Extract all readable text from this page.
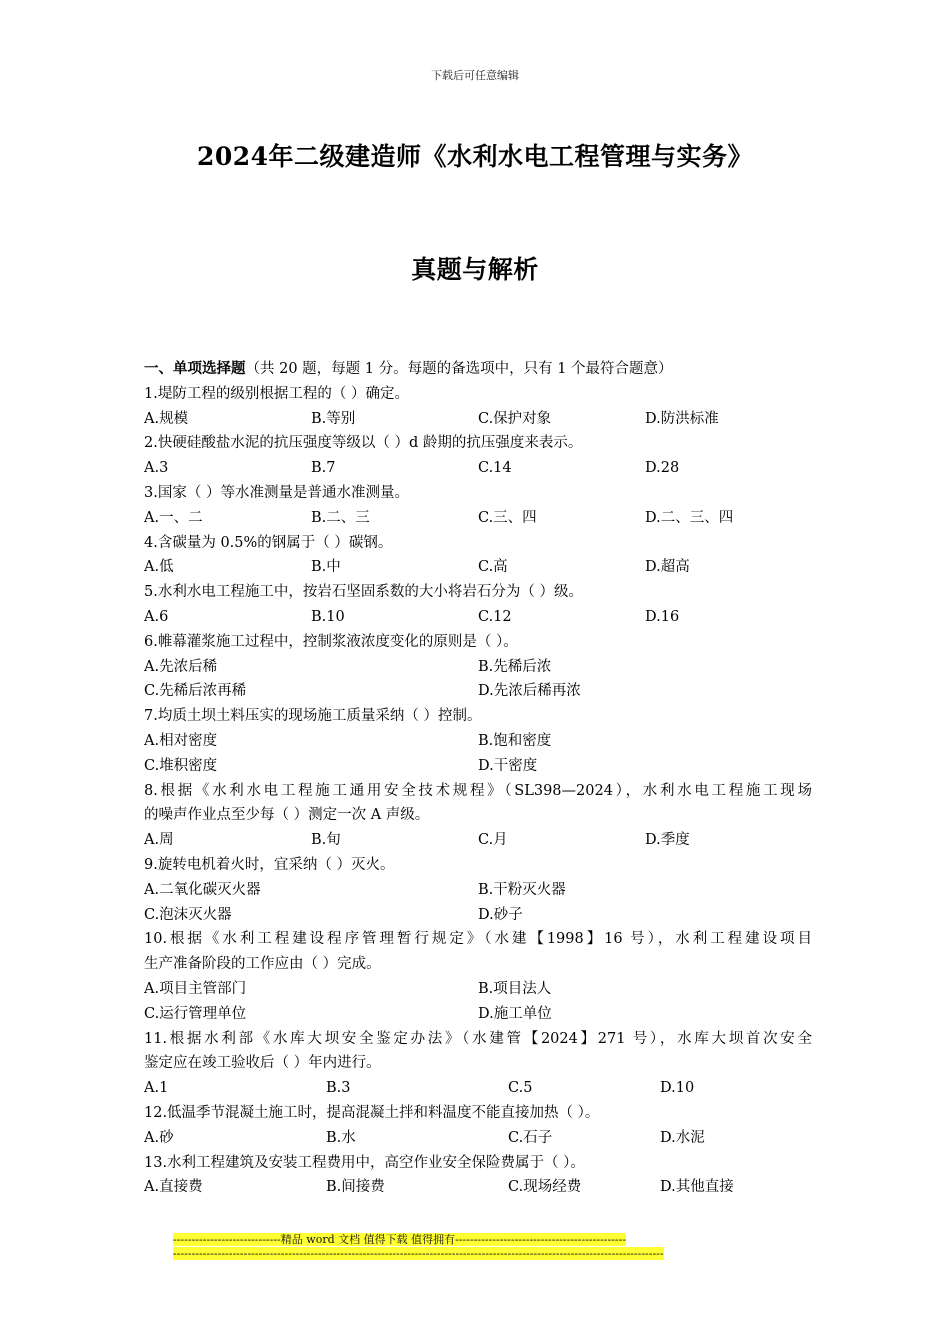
下载后可任意编辑
2024年二级建造师《水利水电工程管理与实务》
真题与解析
一、单项选择题（共 20 题，每题 1 分。每题的备选项中，只有 1 个最符合题意）
1.堤防工程的级别根据工程的（ ）确定。
A.规模	B.等别	C.保护对象	D.防洪标准
2.快硬硅酸盐水泥的抗压强度等级以（ ）d 龄期的抗压强度来表示。
A.3	B.7	C.14	D.28
3.国家（ ）等水准测量是普通水准测量。
A.一、二	B.二、三	C.三、四	D.二、三、四
4.含碳量为 0.5%的钢属于（ ）碳钢。
A.低	B.中	C.高	D.超高
5.水利水电工程施工中，按岩石坚固系数的大小将岩石分为（ ）级。
A.6	B.10	C.12	D.16
6.帷幕灌浆施工过程中，控制浆液浓度变化的原则是（ ）。
A.先浓后稀	B.先稀后浓
C.先稀后浓再稀	D.先浓后稀再浓
7.均质土坝土料压实的现场施工质量采纳（ ）控制。
A.相对密度	B.饱和密度
C.堆积密度	D.干密度
8.根据《水利水电工程施工通用安全技术规程》（SL398—2024），水利水电工程施工现场
的噪声作业点至少每（ ）测定一次 A 声级。
A.周	B.旬	C.月	D.季度
9.旋转电机着火时，宜采纳（ ）灭火。
A.二氧化碳灭火器	B.干粉灭火器
C.泡沫灭火器	D.砂子
10.根据《水利工程建设程序管理暂行规定》（水建【1998】16 号），水利工程建设项目
生产准备阶段的工作应由（ ）完成。
A.项目主管部门	B.项目法人
C.运行管理单位	D.施工单位
11.根据水利部《水库大坝安全鉴定办法》（水建管【2024】271 号），水库大坝首次安全
鉴定应在竣工验收后（ ）年内进行。
A.1	B.3	C.5	D.10
12.低温季节混凝土施工时，提高混凝土拌和料温度不能直接加热（ ）。
A.砂	B.水	C.石子	D.水泥
13.水利工程建筑及安装工程费用中，高空作业安全保险费属于（ ）。
A.直接费	B.间接费	C.现场经费	D.其他直接
-----------------------------精品 word 文档 值得下载 值得拥有----------------------------------------------
------------------------------------------------------------------------------------------------------------------------------------
